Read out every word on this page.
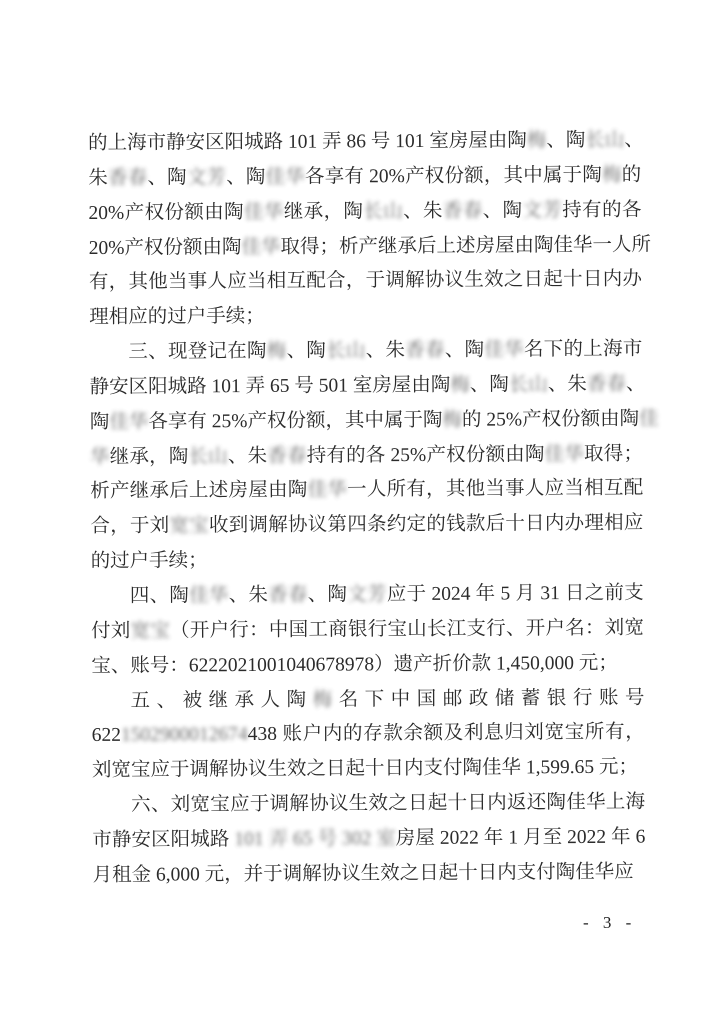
的上海市静安区阳城路 101 弄 86 号 101 室房屋由陶梅、陶长山、
朱香春、陶文芳、陶佳华各享有 20%产权份额，其中属于陶梅的
20%产权份额由陶佳华继承，陶长山、朱香春、陶文芳持有的各
20%产权份额由陶佳华取得；析产继承后上述房屋由陶佳华一人所
有，其他当事人应当相互配合，于调解协议生效之日起十日内办
理相应的过户手续；
三、现登记在陶梅、陶长山、朱香春、陶佳华名下的上海市
静安区阳城路 101 弄 65 号 501 室房屋由陶梅、陶长山、朱香春、
陶佳华各享有 25%产权份额，其中属于陶梅的 25%产权份额由陶佳
华继承，陶长山、朱香春持有的各 25%产权份额由陶佳华取得；
析产继承后上述房屋由陶佳华一人所有，其他当事人应当相互配
合，于刘宽宝收到调解协议第四条约定的钱款后十日内办理相应
的过户手续；
四、陶佳华、朱香春、陶文芳应于 2024 年 5 月 31 日之前支
付刘宽宝（开户行：中国工商银行宝山长江支行、开户名：刘宽
宝、账号：6222021001040678978）遗产折价款 1,450,000 元；
五、被继承人陶梅名下中国邮政储蓄银行账号
6221502900012674438 账户内的存款余额及利息归刘宽宝所有，
刘宽宝应于调解协议生效之日起十日内支付陶佳华 1,599.65 元；
六、刘宽宝应于调解协议生效之日起十日内返还陶佳华上海
市静安区阳城路 101 弄 65 号 302 室房屋 2022 年 1 月至 2022 年 6
月租金 6,000 元，并于调解协议生效之日起十日内支付陶佳华应
- 3 -
